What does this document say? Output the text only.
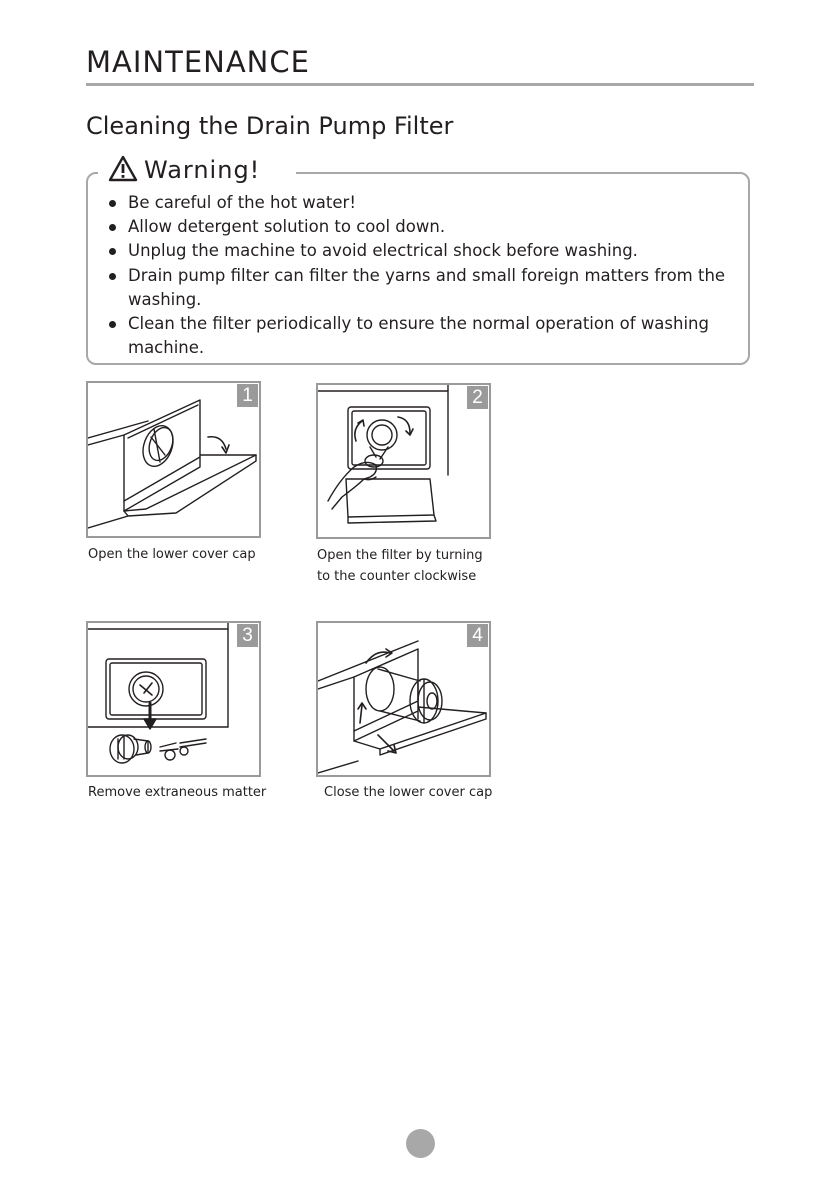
MAINTENANCE
Cleaning the Drain Pump Filter
Warning!
Be careful of the hot water!
Allow detergent solution to cool down.
Unplug the machine to avoid electrical shock before washing.
Drain pump filter can filter the yarns and small foreign matters from the washing.
Clean the filter periodically to ensure the normal operation of washing machine.
1
Open the lower cover cap
2
Open the filter by turning
to the counter clockwise
3
Remove extraneous matter
4
Close the lower cover cap
